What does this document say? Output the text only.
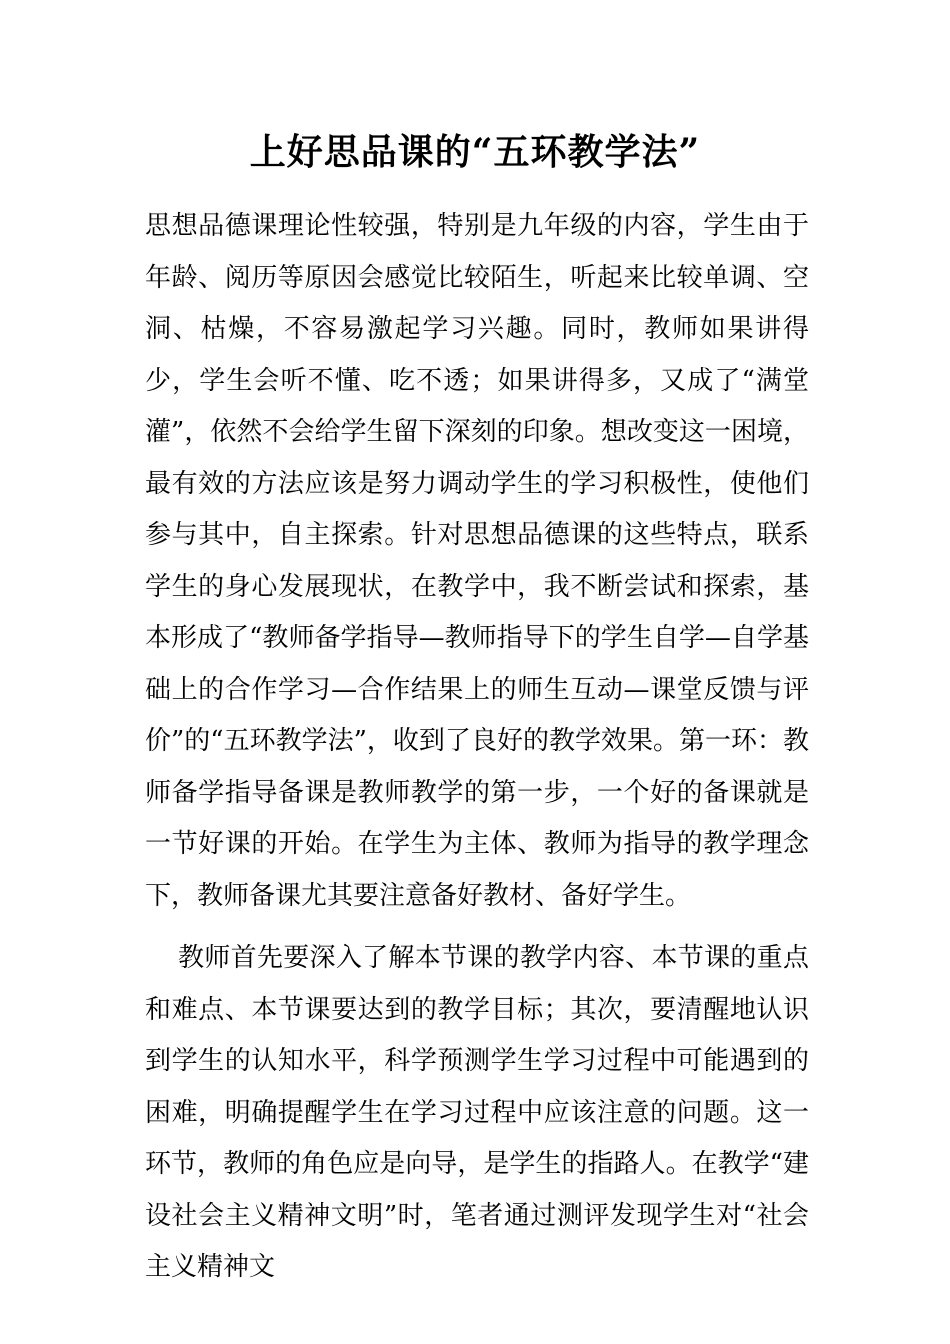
上好思品课的“五环教学法”

思想品德课理论性较强，特别是九年级的内容，学生由于年龄、阅历等原因会感觉比较陌生，听起来比较单调、空洞、枯燥，不容易激起学习兴趣。同时，教师如果讲得少，学生会听不懂、吃不透；如果讲得多，又成了“满堂灌”，依然不会给学生留下深刻的印象。想改变这一困境，最有效的方法应该是努力调动学生的学习积极性，使他们参与其中，自主探索。针对思想品德课的这些特点，联系学生的身心发展现状，在教学中，我不断尝试和探索，基本形成了“教师备学指导—教师指导下的学生自学—自学基础上的合作学习—合作结果上的师生互动—课堂反馈与评价”的“五环教学法”，收到了良好的教学效果。第一环：教师备学指导备课是教师教学的第一步，一个好的备课就是一节好课的开始。在学生为主体、教师为指导的教学理念下，教师备课尤其要注意备好教材、备好学生。

教师首先要深入了解本节课的教学内容、本节课的重点和难点、本节课要达到的教学目标；其次，要清醒地认识到学生的认知水平，科学预测学生学习过程中可能遇到的困难，明确提醒学生在学习过程中应该注意的问题。这一环节，教师的角色应是向导，是学生的指路人。在教学“建设社会主义精神文明”时，笔者通过测评发现学生对“社会主义精神文
